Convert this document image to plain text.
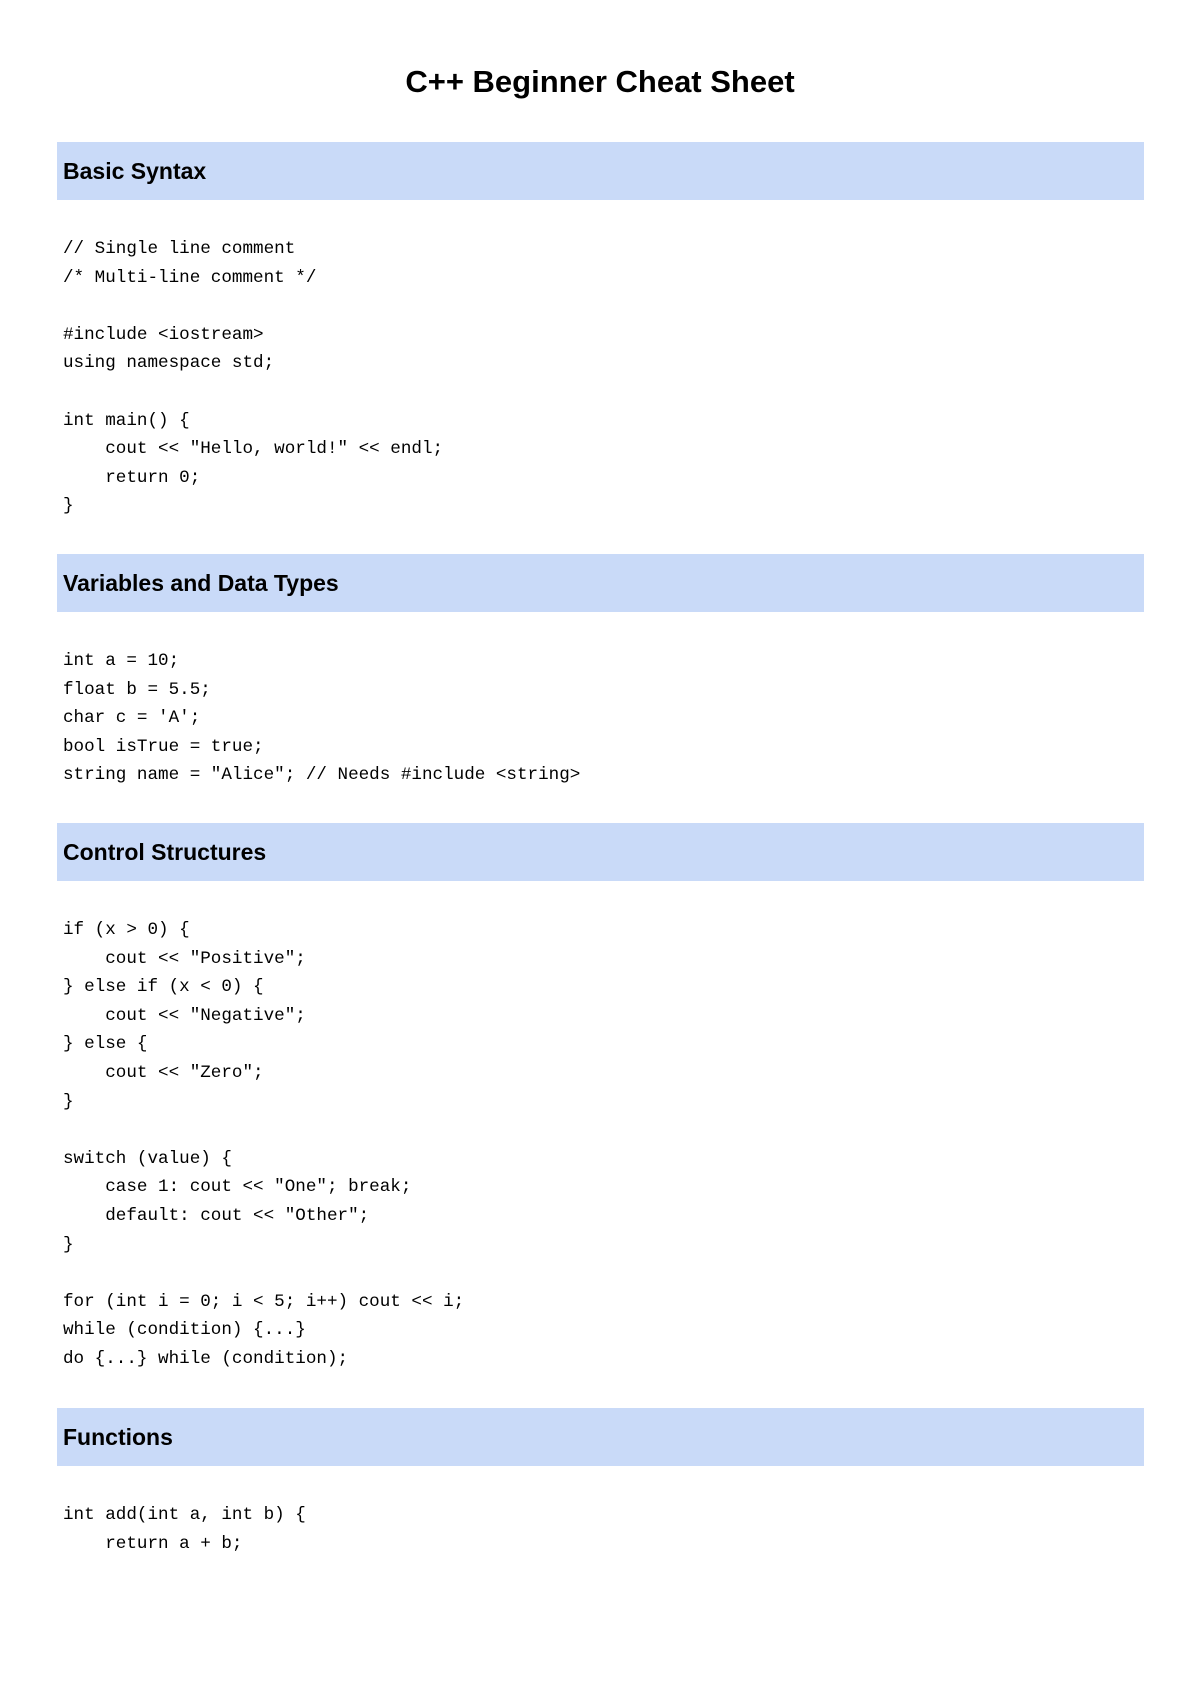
C++ Beginner Cheat Sheet
Basic Syntax
// Single line comment
/* Multi-line comment */
#include <iostream>
using namespace std;
int main() {
cout << "Hello, world!" << endl;
return 0;
}
Variables and Data Types
int a = 10;
float b = 5.5;
char c = 'A';
bool isTrue = true;
string name = "Alice"; // Needs #include <string>
Control Structures
if (x > 0) {
cout << "Positive";
} else if (x < 0) {
cout << "Negative";
} else {
cout << "Zero";
}
switch (value) {
case 1: cout << "One"; break;
default: cout << "Other";
}
for (int i = 0; i < 5; i++) cout << i;
while (condition) {...}
do {...} while (condition);
Functions
int add(int a, int b) {
return a + b;
